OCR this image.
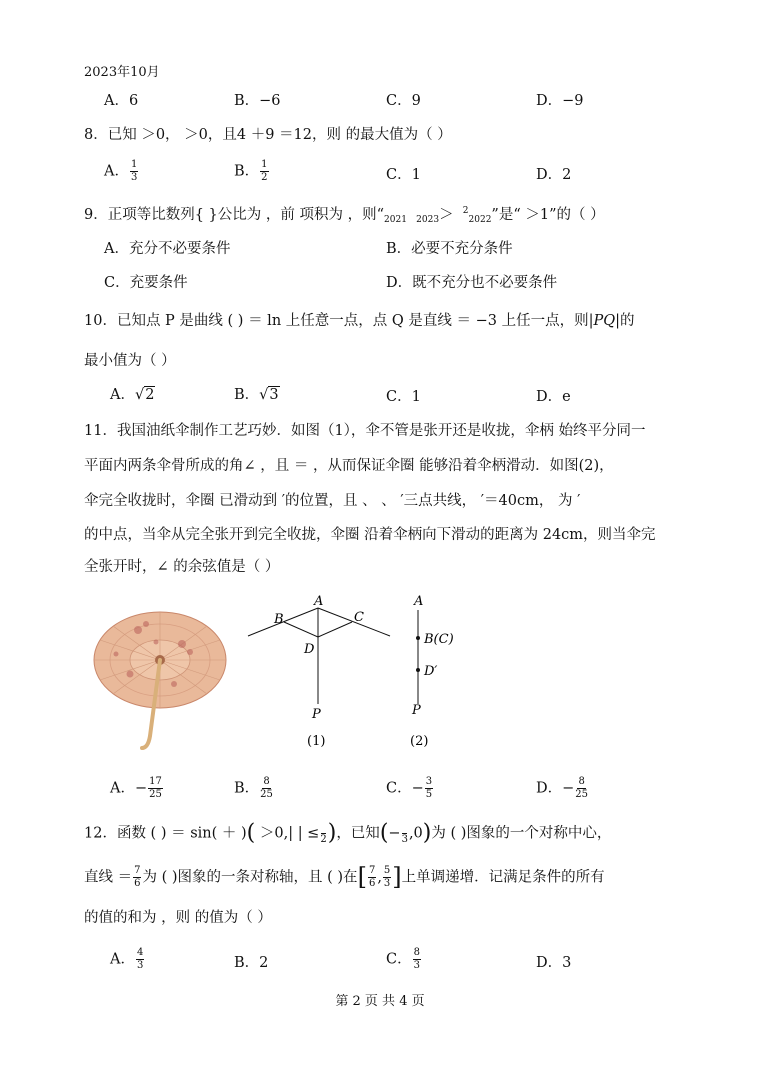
2023年10月
A．6	B．−6	C．9	D．−9
8．已知 ＞0， ＞0，且4 ＋9 ＝12，则 的最大值为（ ）
A． $\frac{1}{3}$	B． $\frac{1}{2}$	C．1	D．2
9．正项等比数列{ }公比为 ，前 项积为 ，则“$_{2021}$ $_{2023}$＞ $^2_{2022}$”是“ ＞1”的（ ）
A．充分不必要条件	B．必要不充分条件
C．充要条件	D．既不充分也不必要条件
10．已知点 P 是曲线 ( ) ＝ ln 上任意一点，点 Q 是直线 ＝ −3 上任一点，则|PQ|的
最小值为（ ）
A．√2	B．√3	C．1	D．e
11．我国油纸伞制作工艺巧妙．如图（1），伞不管是张开还是收拢，伞柄 始终平分同一
平面内两条伞骨所成的角∠ ，且 ＝ ，从而保证伞圈 能够沿着伞柄滑动．如图(2)，
伞完全收拢时，伞圈 已滑动到 ′的位置，且 、 、 ′三点共线， ′＝40cm， 为 ′
的中点，当伞从完全张开到完全收拢，伞圈 沿着伞柄向下滑动的距离为 24cm，则当伞完
全张开时，∠ 的余弦值是（ ）
A
B	C
D
P
(1)
A
B(C)
D′
P
(2)
A．− $\frac{17}{25}$	B． $\frac{8}{25}$	C．− $\frac{3}{5}$	D．− $\frac{8}{25}$
12．函数 ( ) ＝ sin( ＋ )( ＞0,| | ≤
2 )，已知(−
3 ,0)为 ( )图象的一个对称中心，
直线 ＝ $\frac{7}{6}$ 为 ( )图象的一条对称轴，且 ( )在[ $\frac{7}{6}$ , $\frac{5}{3}$ ]上单调递增．记满足条件的所有
的值的和为 ，则 的值为（ ）
A． $\frac{4}{3}$	B．2	C． $\frac{8}{3}$	D．3
第 2 页 共 4 页
